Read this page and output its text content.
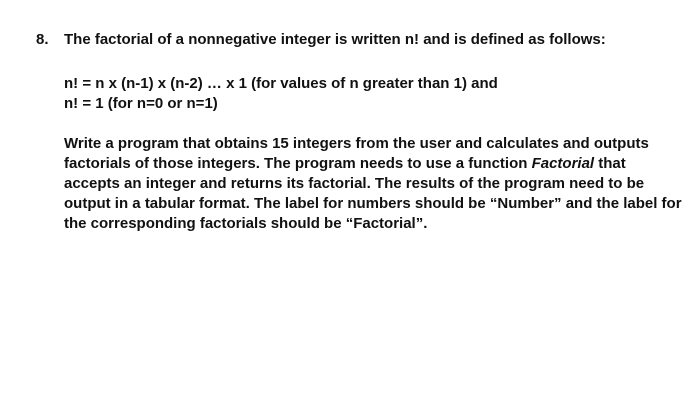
8.	The factorial of a nonnegative integer is written n! and is defined as follows:
n! = n x (n-1) x (n-2) … x 1 (for values of n greater than 1) and
n! = 1 (for n=0 or n=1)
Write a program that obtains 15 integers from the user and calculates and outputs factorials of those integers. The program needs to use a function Factorial that accepts an integer and returns its factorial. The results of the program need to be output in a tabular format. The label for numbers should be “Number” and the label for the corresponding factorials should be “Factorial”.
